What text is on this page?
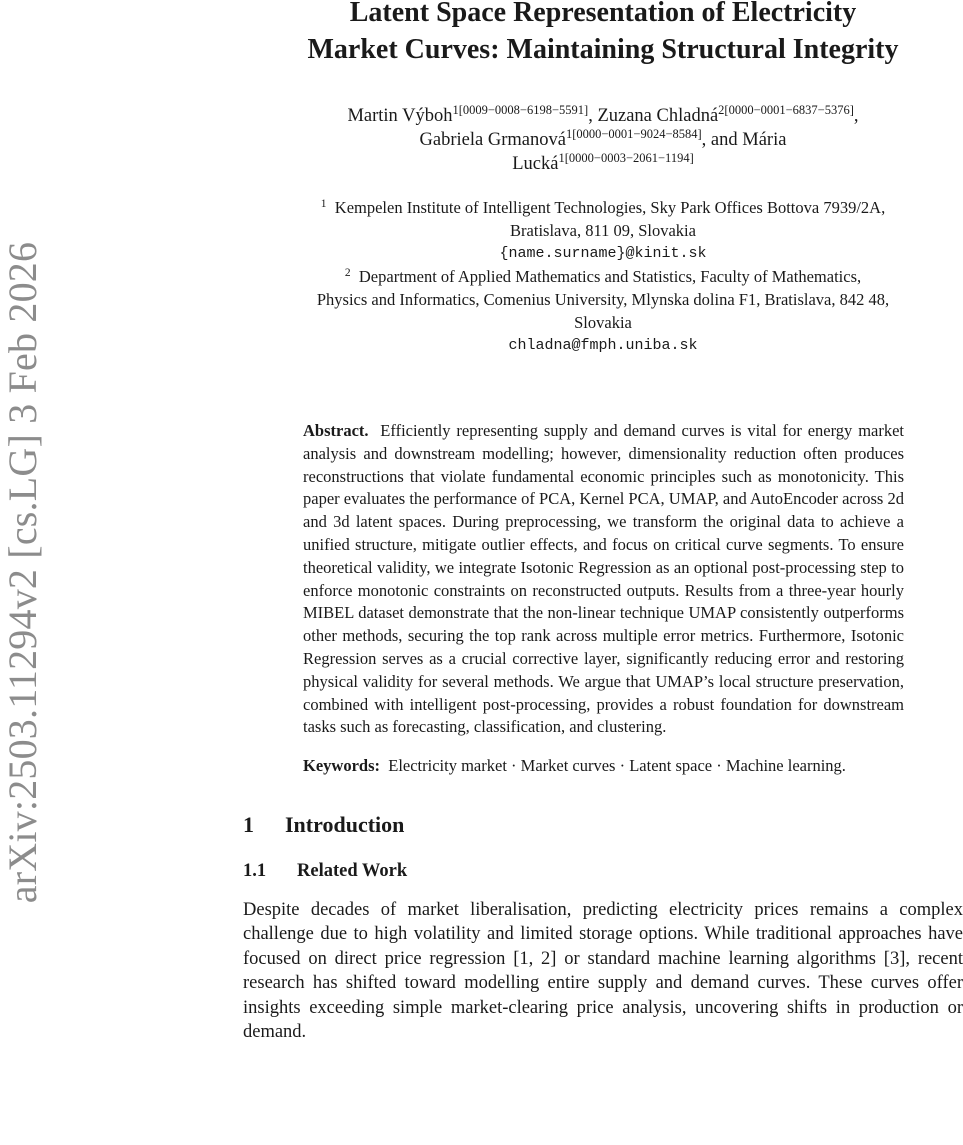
arXiv:2503.11294v2 [cs.LG] 3 Feb 2026
Latent Space Representation of Electricity
Market Curves: Maintaining Structural Integrity
Martin Výboh$^{1[0009-0008-6198-5591]}$, Zuzana Chladná$^{2[0000-0001-6837-5376]}$,
Gabriela Grmanová$^{1[0000-0001-9024-8584]}$, and Mária
Lucká$^{1[0000-0003-2061-1194]}$
$^1$ Kempelen Institute of Intelligent Technologies, Sky Park Offices Bottova 7939/2A,
Bratislava, 811 09, Slovakia
{name.surname}@kinit.sk
$^2$ Department of Applied Mathematics and Statistics, Faculty of Mathematics,
Physics and Informatics, Comenius University, Mlynska dolina F1, Bratislava, 842 48,
Slovakia
chladna@fmph.uniba.sk
Abstract. Efficiently representing supply and demand curves is vital for energy market analysis and downstream modelling; however, dimensionality reduction often produces reconstructions that violate fundamental economic principles such as monotonicity. This paper evaluates the performance of PCA, Kernel PCA, UMAP, and AutoEncoder across 2d and 3d latent spaces. During preprocessing, we transform the original data to achieve a unified structure, mitigate outlier effects, and focus on critical curve segments. To ensure theoretical validity, we integrate Isotonic Regression as an optional post-processing step to enforce monotonic constraints on reconstructed outputs. Results from a three-year hourly MIBEL dataset demonstrate that the non-linear technique UMAP consistently outperforms other methods, securing the top rank across multiple error metrics. Furthermore, Isotonic Regression serves as a crucial corrective layer, significantly reducing error and restoring physical validity for several methods. We argue that UMAP’s local structure preservation, combined with intelligent post-processing, provides a robust foundation for downstream tasks such as forecasting, classification, and clustering.
Keywords: Electricity market · Market curves · Latent space · Machine learning.
1 Introduction
1.1 Related Work
Despite decades of market liberalisation, predicting electricity prices remains a complex challenge due to high volatility and limited storage options. While traditional approaches have focused on direct price regression [1, 2] or standard machine learning algorithms [3], recent research has shifted toward modelling entire supply and demand curves. These curves offer insights exceeding simple market-clearing price analysis, uncovering shifts in production or demand.
